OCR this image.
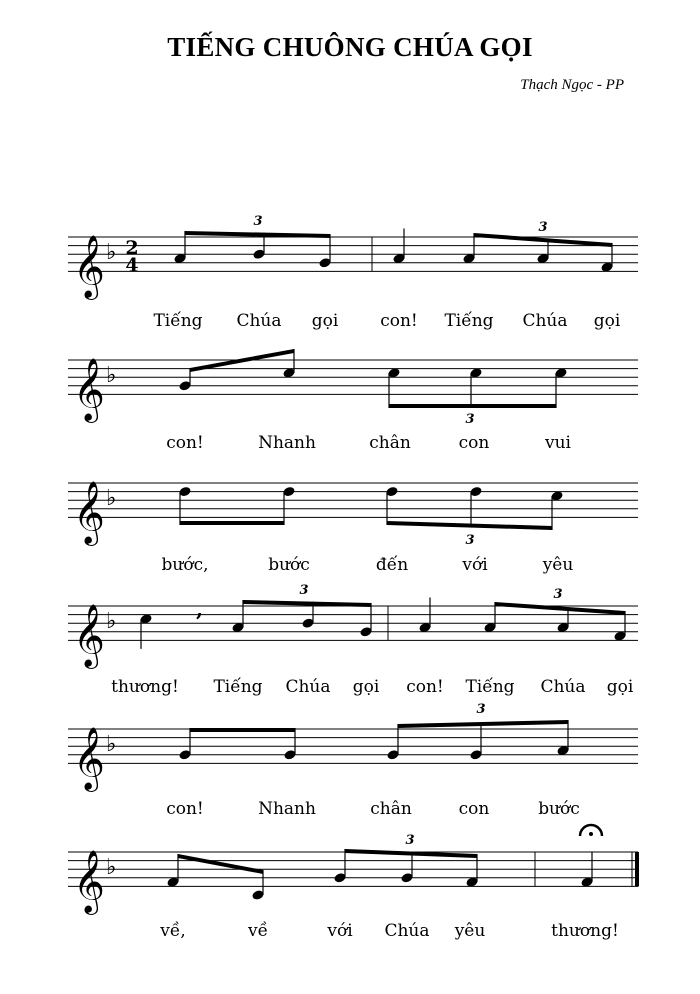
TIẾNG CHUÔNG CHÚA GỌI
Thạch Ngọc - PP
𝄞 ♭ 2
4
3	3
𝄞 ♭
3
𝄞 ♭
3
𝄞 ♭
,
3	3
𝄞 ♭
3
𝄞 ♭
3
Tiếng Chúa gọi con! Tiếng Chúa gọi
con!	Nhanh	chân	con	vui
bước,	bước	đến	với	yêu
thương! Tiếng Chúa gọi con! Tiếng Chúa gọi
con!	Nhanh	chân	con	bước
về,	về	với Chúa yêu	thương!
